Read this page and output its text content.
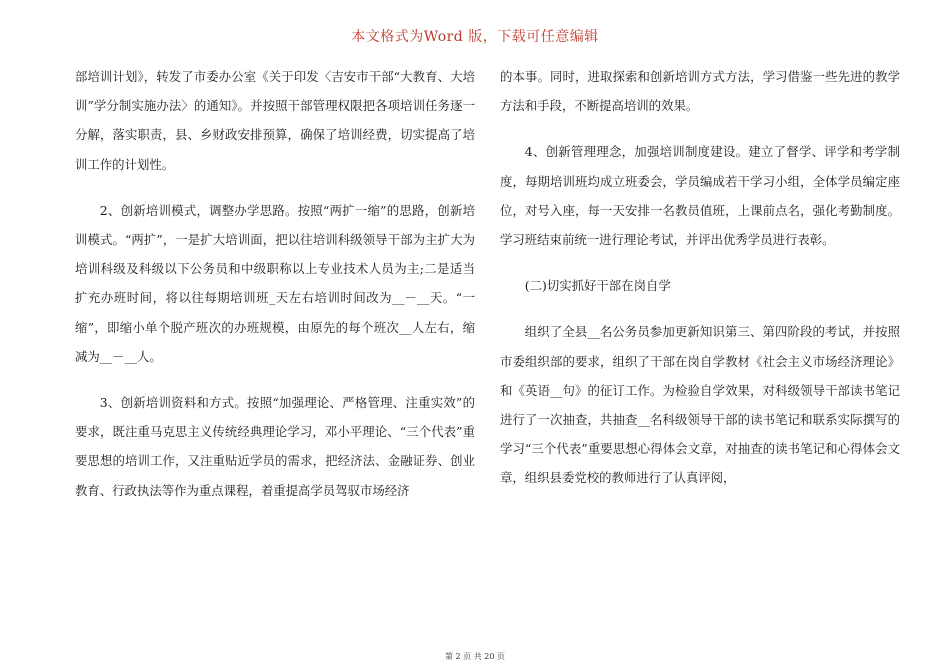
本文格式为Word 版，下载可任意编辑

部培训计划》，转发了市委办公室《关于印发〈吉安市干部“大教育、大培训”学分制实施办法〉的通知》。并按照干部管理权限把各项培训任务逐一分解，落实职责，县、乡财政安排预算，确保了培训经费，切实提高了培训工作的计划性。

2、创新培训模式，调整办学思路。按照“两扩一缩”的思路，创新培训模式。“两扩”，一是扩大培训面，把以往培训科级领导干部为主扩大为培训科级及科级以下公务员和中级职称以上专业技术人员为主;二是适当扩充办班时间，将以往每期培训班_天左右培训时间改为__－__天。“一缩”，即缩小单个脱产班次的办班规模，由原先的每个班次__人左右，缩减为__－__人。

3、创新培训资料和方式。按照“加强理论、严格管理、注重实效”的要求，既注重马克思主义传统经典理论学习，邓小平理论、“三个代表”重要思想的培训工作，又注重贴近学员的需求，把经济法、金融证券、创业教育、行政执法等作为重点课程，着重提高学员驾驭市场经济

的本事。同时，进取探索和创新培训方式方法，学习借鉴一些先进的教学方法和手段，不断提高培训的效果。

4、创新管理理念，加强培训制度建设。建立了督学、评学和考学制度，每期培训班均成立班委会，学员编成若干学习小组，全体学员编定座位，对号入座，每一天安排一名教员值班，上课前点名，强化考勤制度。学习班结束前统一进行理论考试，并评出优秀学员进行表彰。

(二)切实抓好干部在岗自学

组织了全县__名公务员参加更新知识第三、第四阶段的考试，并按照市委组织部的要求，组织了干部在岗自学教材《社会主义市场经济理论》和《英语__句》的征订工作。为检验自学效果，对科级领导干部读书笔记进行了一次抽查，共抽查__名科级领导干部的读书笔记和联系实际撰写的学习“三个代表”重要思想心得体会文章，对抽查的读书笔记和心得体会文章，组织县委党校的教师进行了认真评阅，

第 2 页 共 20 页
